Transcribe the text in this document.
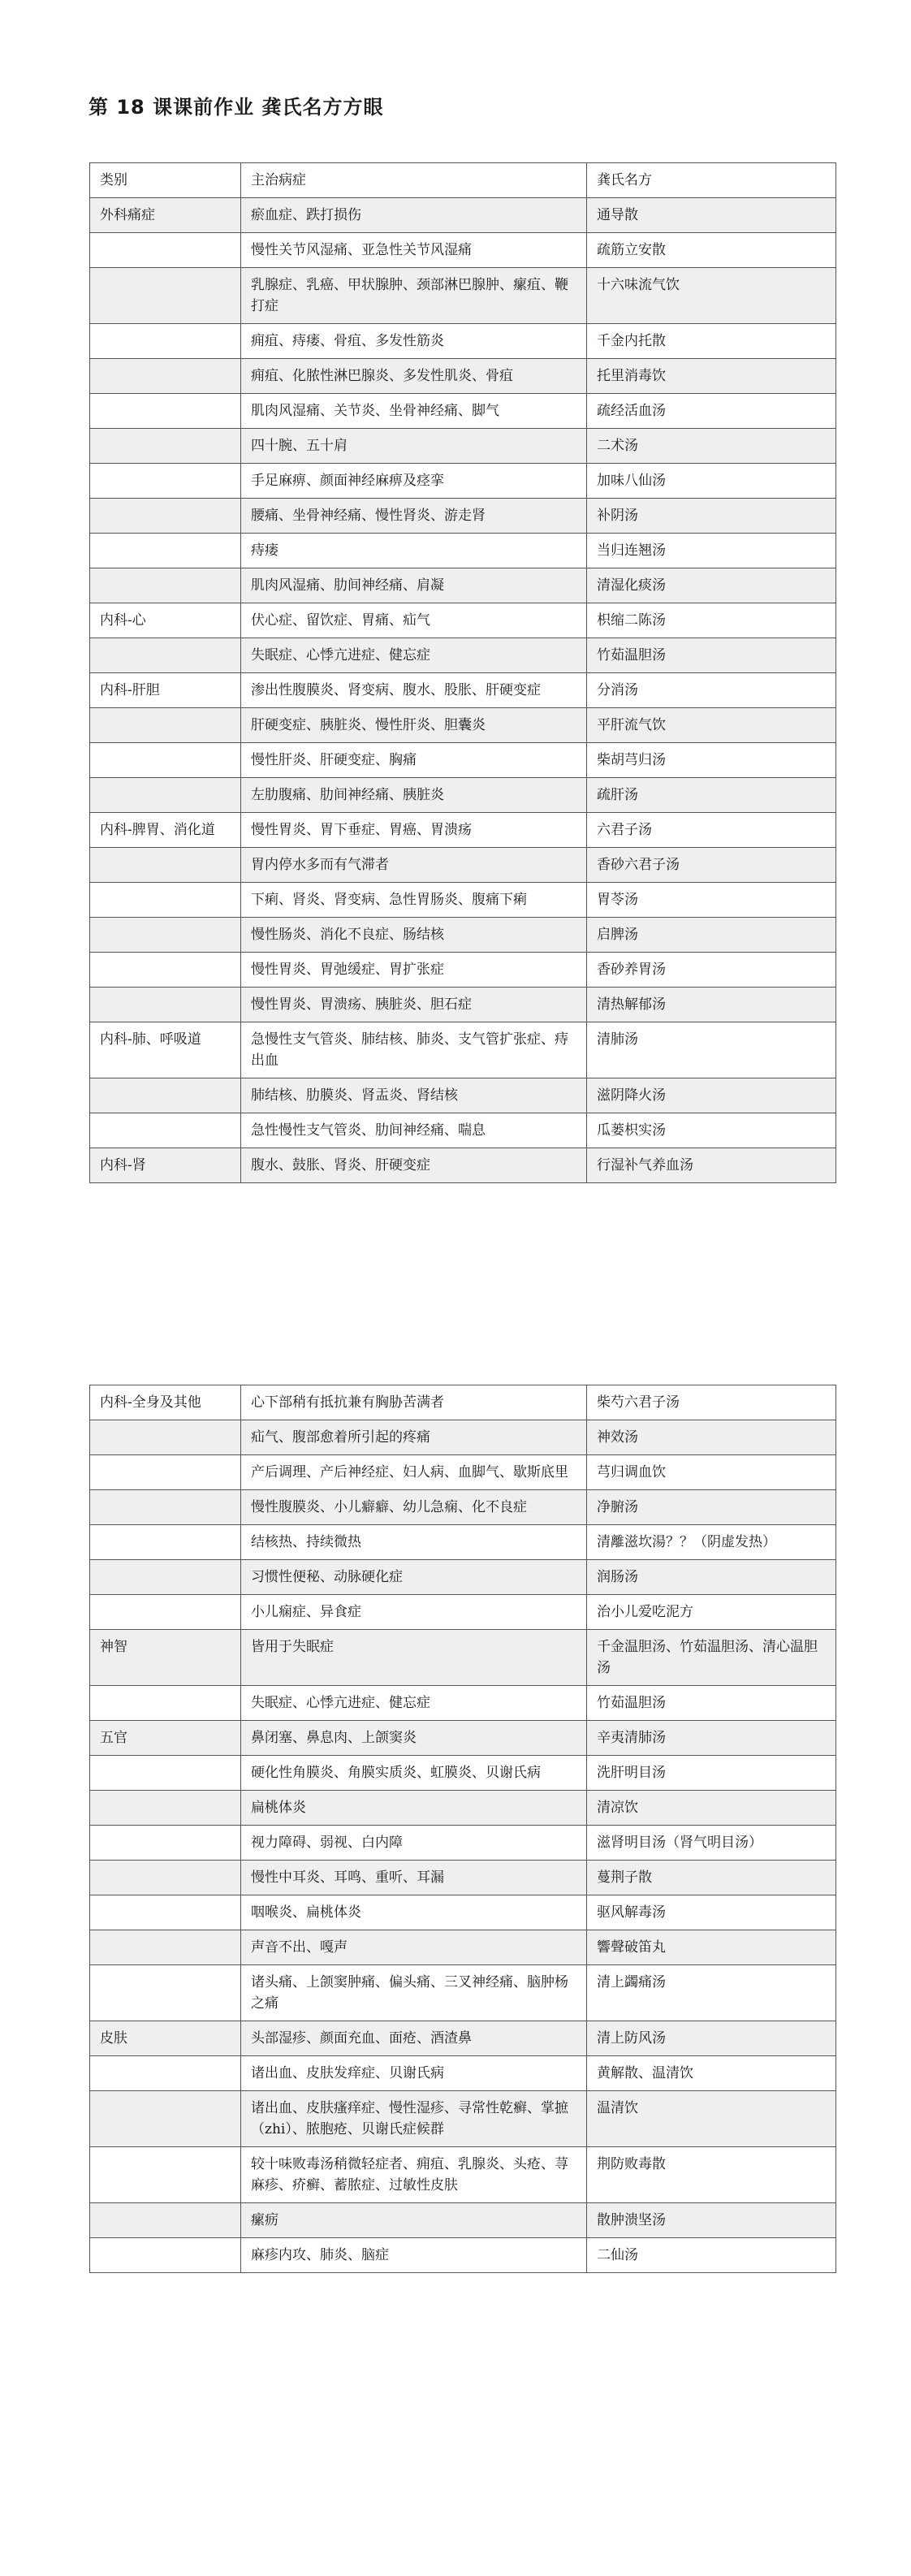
第 18 课课前作业 龚氏名方方眼
类别	主治病症	龚氏名方
外科痛症	瘀血症、跌打损伤	通导散
	慢性关节风湿痛、亚急性关节风湿痛	疏筋立安散
	乳腺症、乳癌、甲状腺肿、颈部淋巴腺肿、瘰疽、鞭打症	十六味流气饮
	痈疽、痔瘘、骨疽、多发性筋炎	千金内托散
	痈疽、化脓性淋巴腺炎、多发性肌炎、骨疽	托里消毒饮
	肌肉风湿痛、关节炎、坐骨神经痛、脚气	疏经活血汤
	四十腕、五十肩	二术汤
	手足麻痹、颜面神经麻痹及痉挛	加味八仙汤
	腰痛、坐骨神经痛、慢性肾炎、游走肾	补阴汤
	痔瘘	当归连翘汤
	肌肉风湿痛、肋间神经痛、肩凝	清湿化痰汤
内科-心	伏心症、留饮症、胃痛、疝气	枳缩二陈汤
	失眠症、心悸亢进症、健忘症	竹茹温胆汤
内科-肝胆	渗出性腹膜炎、肾变病、腹水、股胀、肝硬变症	分消汤
	肝硬变症、胰脏炎、慢性肝炎、胆囊炎	平肝流气饮
	慢性肝炎、肝硬变症、胸痛	柴胡芎归汤
	左肋腹痛、肋间神经痛、胰脏炎	疏肝汤
内科-脾胃、消化道	慢性胃炎、胃下垂症、胃癌、胃溃疡	六君子汤
	胃内停水多而有气滞者	香砂六君子汤
	下痢、肾炎、肾变病、急性胃肠炎、腹痛下痢	胃苓汤
	慢性肠炎、消化不良症、肠结核	启脾汤
	慢性胃炎、胃弛缓症、胃扩张症	香砂养胃汤
	慢性胃炎、胃溃疡、胰脏炎、胆石症	清热解郁汤
内科-肺、呼吸道	急慢性支气管炎、肺结核、肺炎、支气管扩张症、痔出血	清肺汤
	肺结核、肋膜炎、肾盂炎、肾结核	滋阴降火汤
	急性慢性支气管炎、肋间神经痛、喘息	瓜蒌枳实汤
内科-肾	腹水、鼓胀、肾炎、肝硬变症	行湿补气养血汤
内科-全身及其他	心下部稍有抵抗兼有胸胁苦满者	柴芍六君子汤
	疝气、腹部愈着所引起的疼痛	神效汤
	产后调理、产后神经症、妇人病、血脚气、歇斯底里	芎归调血饮
	慢性腹膜炎、小儿癖癖、幼儿急痫、化不良症	净腑汤
	结核热、持续微热	清離滋坎湯？？（阴虚发热）
	习惯性便秘、动脉硬化症	润肠汤
	小儿痫症、异食症	治小儿爱吃泥方
神智	皆用于失眠症	千金温胆汤、竹茹温胆汤、清心温胆汤
	失眠症、心悸亢进症、健忘症	竹茹温胆汤
五官	鼻闭塞、鼻息肉、上颌窦炎	辛夷清肺汤
	硬化性角膜炎、角膜实质炎、虹膜炎、贝谢氏病	洗肝明目汤
	扁桃体炎	清凉饮
	视力障碍、弱视、白内障	滋肾明目汤（肾气明目汤）
	慢性中耳炎、耳鸣、重听、耳漏	蔓荆子散
	咽喉炎、扁桃体炎	驱风解毒汤
	声音不出、嘎声	響聲破笛丸
	诸头痛、上颌窦肿痛、偏头痛、三叉神经痛、脑肿杨之痛	清上蠲痛汤
皮肤	头部湿疹、颜面充血、面疮、酒渣鼻	清上防风汤
	诸出血、皮肤发痒症、贝谢氏病	黄解散、温清饮
	诸出血、皮肤瘙痒症、慢性湿疹、寻常性乾癣、掌摭（zhi）、脓胞疮、贝谢氏症候群	温清饮
	较十味败毒汤稍微轻症者、痈疽、乳腺炎、头疮、荨麻疹、疥癣、蓄脓症、过敏性皮肤	荆防败毒散
	瘰疬	散肿溃坚汤
	麻疹内攻、肺炎、脑症	二仙汤
